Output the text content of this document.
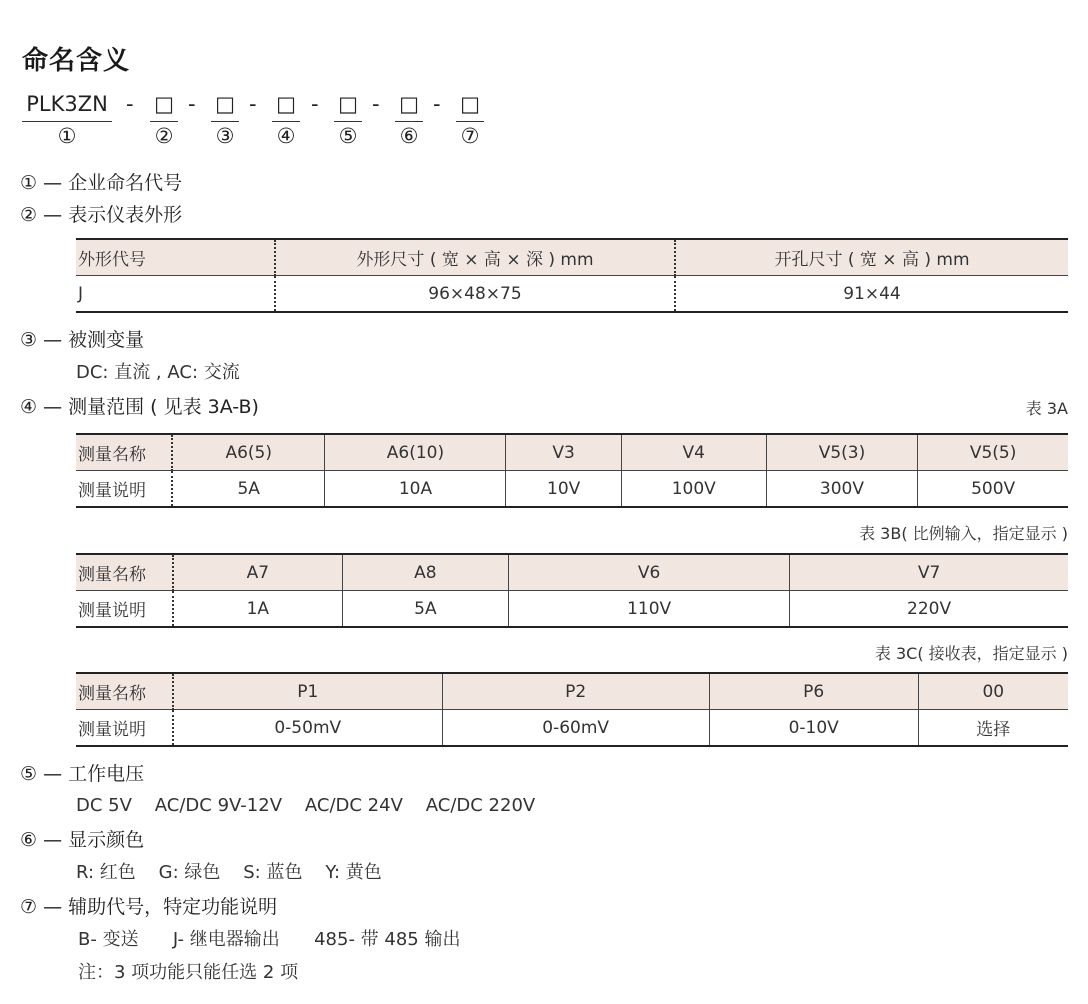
命名含义
PLK3ZN
①
- □
②
- □
③
- □
④
- □
⑤
- □
⑥
- □
⑦
① — 企业命名代号
② — 表示仪表外形
外形代号	外形尺寸 ( 宽 × 高 × 深 ) mm	开孔尺寸 ( 宽 × 高 ) mm
J	96×48×75	91×44
③ — 被测变量
DC: 直流 , AC: 交流
④ — 测量范围 ( 见表 3A-B)	表 3A
测量名称	A6(5)	A6(10)	V3	V4	V5(3)	V5(5)
测量说明	5A	10A	10V	100V	300V	500V
表 3B( 比例输入，指定显示 )
测量名称	A7	A8	V6	V7
测量说明	1A	5A	110V	220V
表 3C( 接收表，指定显示 )
测量名称	P1	P2	P6	00
测量说明	0-50mV	0-60mV	0-10V	选择
⑤ — 工作电压
DC 5V    AC/DC 9V-12V    AC/DC 24V    AC/DC 220V
⑥ — 显示颜色
R: 红色    G: 绿色    S: 蓝色    Y: 黄色
⑦ — 辅助代号，特定功能说明
B- 变送      J- 继电器输出      485- 带 485 输出
注：3 项功能只能任选 2 项
